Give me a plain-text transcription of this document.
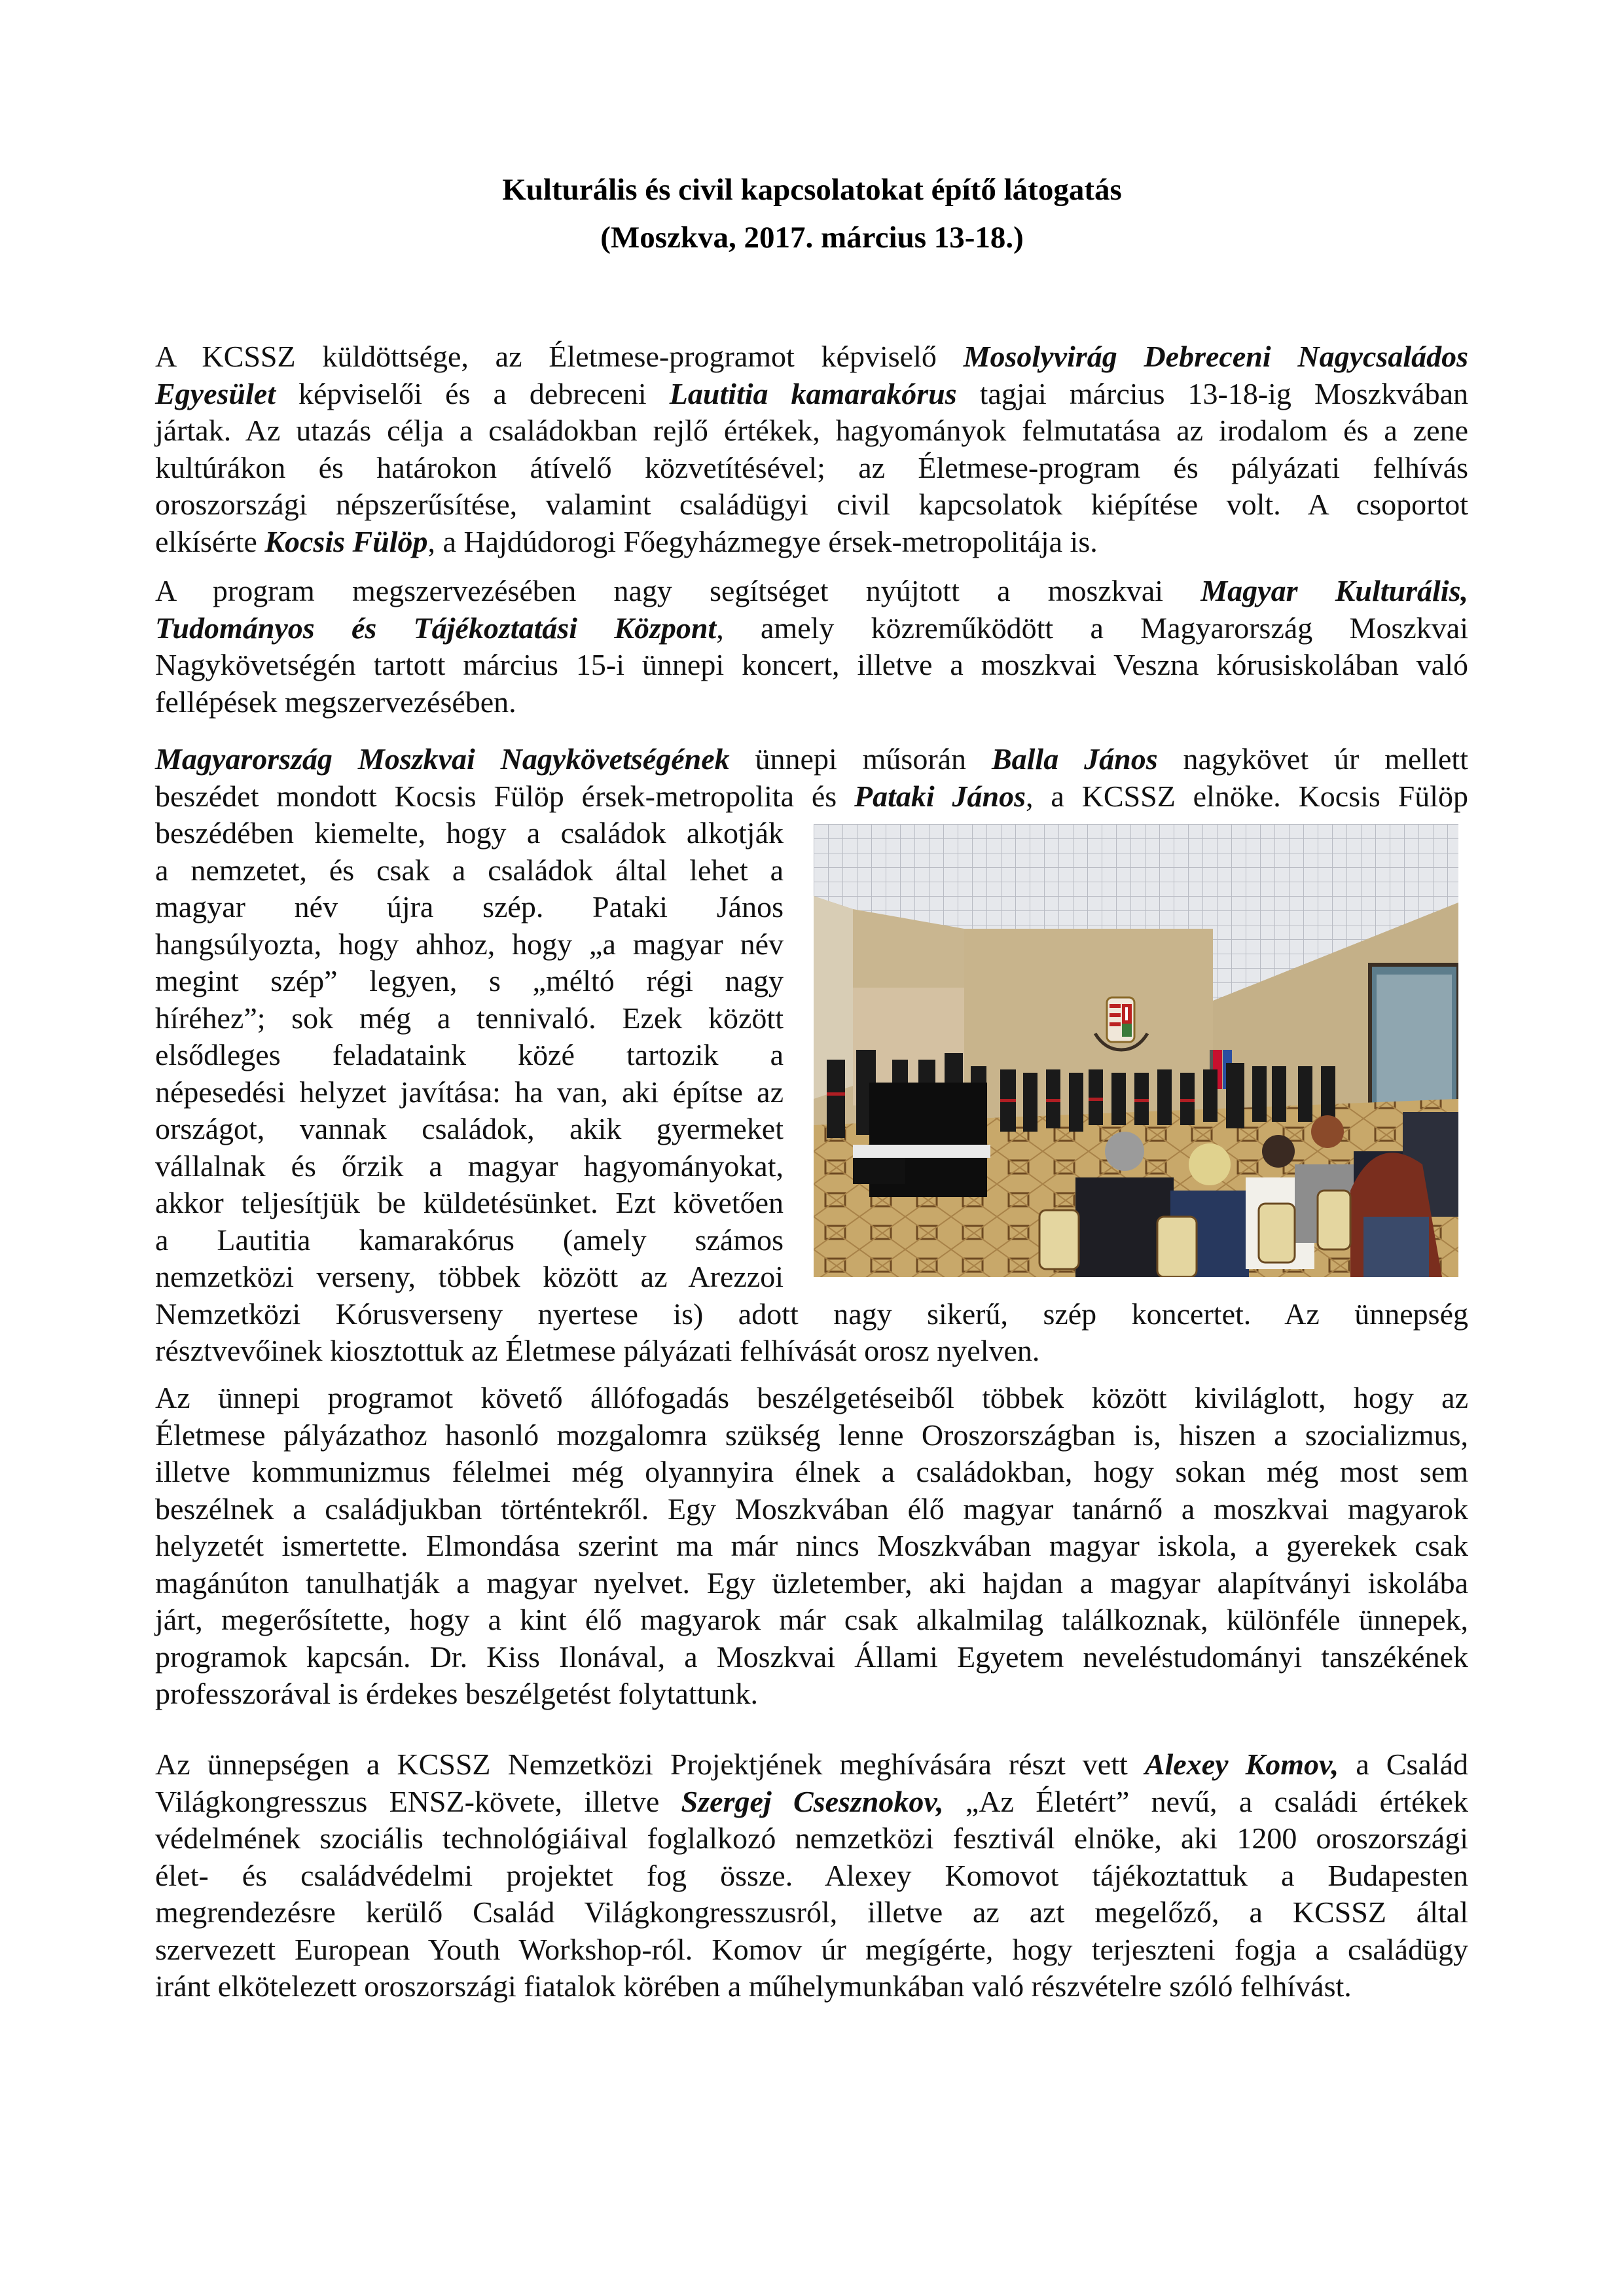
Kulturális és civil kapcsolatokat építő látogatás
(Moszkva, 2017. március 13-18.)
A KCSSZ küldöttsége, az Életmese-programot képviselő Mosolyvirág Debreceni Nagycsaládos
Egyesület képviselői és a debreceni Lautitia kamarakórus tagjai március 13-18-ig Moszkvában
jártak. Az utazás célja a családokban rejlő értékek, hagyományok felmutatása az irodalom és a zene
kultúrákon és határokon átívelő közvetítésével; az Életmese-program és pályázati felhívás
oroszországi népszerűsítése, valamint családügyi civil kapcsolatok kiépítése volt. A csoportot
elkísérte Kocsis Fülöp, a Hajdúdorogi Főegyházmegye érsek-metropolitája is.
A program megszervezésében nagy segítséget nyújtott a moszkvai Magyar Kulturális,
Tudományos és Tájékoztatási Központ, amely közreműködött a Magyarország Moszkvai
Nagykövetségén tartott március 15-i ünnepi koncert, illetve a moszkvai Veszna kórusiskolában való
fellépések megszervezésében.
Magyarország Moszkvai Nagykövetségének ünnepi műsorán Balla János nagykövet úr mellett
beszédet mondott Kocsis Fülöp érsek-metropolita és Pataki János, a KCSSZ elnöke. Kocsis Fülöp
beszédében kiemelte, hogy a családok alkotják
a nemzetet, és csak a családok által lehet a
magyar név újra szép. Pataki János
hangsúlyozta, hogy ahhoz, hogy „a magyar név
megint szép” legyen, s „méltó régi nagy
híréhez”; sok még a tennivaló. Ezek között
elsődleges feladataink közé tartozik a
népesedési helyzet javítása: ha van, aki építse az
országot, vannak családok, akik gyermeket
vállalnak és őrzik a magyar hagyományokat,
akkor teljesítjük be küldetésünket. Ezt követően
a Lautitia kamarakórus (amely számos
nemzetközi verseny, többek között az Arezzoi
Nemzetközi Kórusverseny nyertese is) adott nagy sikerű, szép koncertet. Az ünnepség
résztvevőinek kiosztottuk az Életmese pályázati felhívását orosz nyelven.
Az ünnepi programot követő állófogadás beszélgetéseiből többek között kiviláglott, hogy az
Életmese pályázathoz hasonló mozgalomra szükség lenne Oroszországban is, hiszen a szocializmus,
illetve kommunizmus félelmei még olyannyira élnek a családokban, hogy sokan még most sem
beszélnek a családjukban történtekről. Egy Moszkvában élő magyar tanárnő a moszkvai magyarok
helyzetét ismertette. Elmondása szerint ma már nincs Moszkvában magyar iskola, a gyerekek csak
magánúton tanulhatják a magyar nyelvet. Egy üzletember, aki hajdan a magyar alapítványi iskolába
járt, megerősítette, hogy a kint élő magyarok már csak alkalmilag találkoznak, különféle ünnepek,
programok kapcsán. Dr. Kiss Ilonával, a Moszkvai Állami Egyetem neveléstudományi tanszékének
professzorával is érdekes beszélgetést folytattunk.
Az ünnepségen a KCSSZ Nemzetközi Projektjének meghívására részt vett Alexey Komov, a Család
Világkongresszus ENSZ-követe, illetve Szergej Csesznokov, „Az Életért” nevű, a családi értékek
védelmének szociális technológiáival foglalkozó nemzetközi fesztivál elnöke, aki 1200 oroszországi
élet- és családvédelmi projektet fog össze. Alexey Komovot tájékoztattuk a Budapesten
megrendezésre kerülő Család Világkongresszusról, illetve az azt megelőző, a KCSSZ által
szervezett European Youth Workshop-ról. Komov úr megígérte, hogy terjeszteni fogja a családügy
iránt elkötelezett oroszországi fiatalok körében a műhelymunkában való részvételre szóló felhívást.
